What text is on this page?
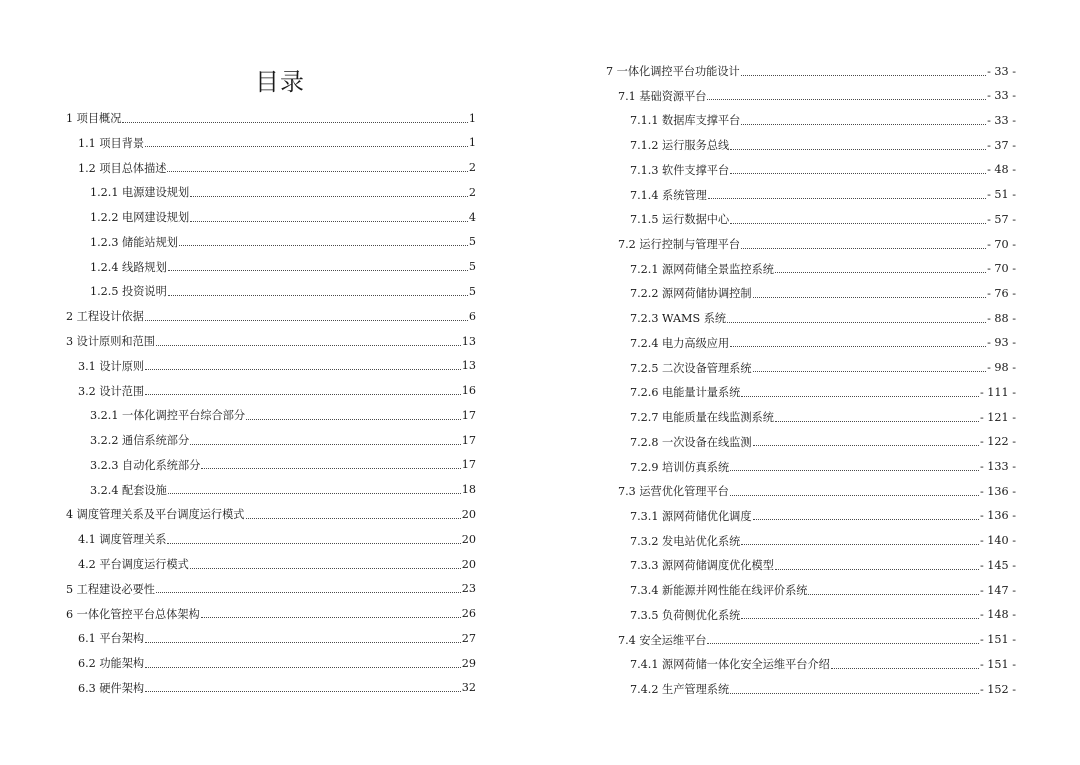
目录
1 项目概况	1
1.1 项目背景	1
1.2 项目总体描述	2
1.2.1 电源建设规划	2
1.2.2 电网建设规划	4
1.2.3 储能站规划	5
1.2.4 线路规划	5
1.2.5 投资说明	5
2 工程设计依据	6
3 设计原则和范围	13
3.1 设计原则	13
3.2 设计范围	16
3.2.1 一体化调控平台综合部分	17
3.2.2 通信系统部分	17
3.2.3 自动化系统部分	17
3.2.4 配套设施	18
4 调度管理关系及平台调度运行模式	20
4.1 调度管理关系	20
4.2 平台调度运行模式	20
5 工程建设必要性	23
6 一体化管控平台总体架构	26
6.1 平台架构	27
6.2 功能架构	29
6.3 硬件架构	32
7 一体化调控平台功能设计	- 33 -
7.1 基础资源平台	- 33 -
7.1.1 数据库支撑平台	- 33 -
7.1.2 运行服务总线	- 37 -
7.1.3 软件支撑平台	- 48 -
7.1.4 系统管理	- 51 -
7.1.5 运行数据中心	- 57 -
7.2 运行控制与管理平台	- 70 -
7.2.1 源网荷储全景监控系统	- 70 -
7.2.2 源网荷储协调控制	- 76 -
7.2.3 WAMS 系统	- 88 -
7.2.4 电力高级应用	- 93 -
7.2.5 二次设备管理系统	- 98 -
7.2.6 电能量计量系统	- 111 -
7.2.7 电能质量在线监测系统	- 121 -
7.2.8 一次设备在线监测	- 122 -
7.2.9 培训仿真系统	- 133 -
7.3 运营优化管理平台	- 136 -
7.3.1 源网荷储优化调度	- 136 -
7.3.2 发电站优化系统	- 140 -
7.3.3 源网荷储调度优化模型	- 145 -
7.3.4 新能源并网性能在线评价系统	- 147 -
7.3.5 负荷侧优化系统	- 148 -
7.4 安全运维平台	- 151 -
7.4.1 源网荷储一体化安全运维平台介绍	- 151 -
7.4.2 生产管理系统	- 152 -
